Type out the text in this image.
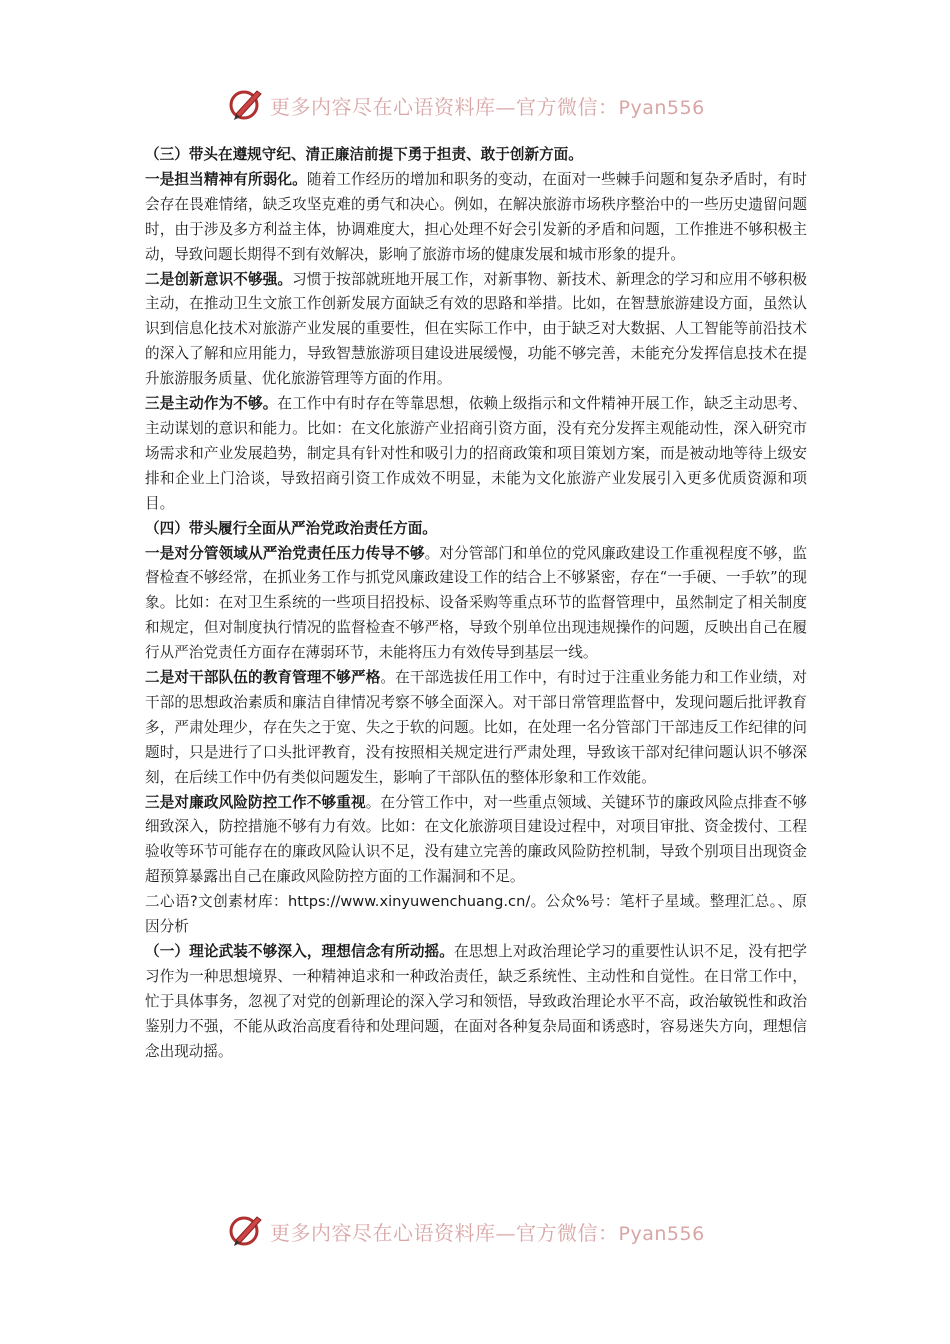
更多内容尽在心语资料库—官方微信：Pyan556

（三）带头在遵规守纪、清正廉洁前提下勇于担责、敢于创新方面。

一是担当精神有所弱化。随着工作经历的增加和职务的变动，在面对一些棘手问题和复杂矛盾时，有时会存在畏难情绪，缺乏攻坚克难的勇气和决心。例如，在解决旅游市场秩序整治中的一些历史遗留问题时，由于涉及多方利益主体，协调难度大，担心处理不好会引发新的矛盾和问题，工作推进不够积极主动，导致问题长期得不到有效解决，影响了旅游市场的健康发展和城市形象的提升。

二是创新意识不够强。习惯于按部就班地开展工作，对新事物、新技术、新理念的学习和应用不够积极主动，在推动卫生文旅工作创新发展方面缺乏有效的思路和举措。比如，在智慧旅游建设方面，虽然认识到信息化技术对旅游产业发展的重要性，但在实际工作中，由于缺乏对大数据、人工智能等前沿技术的深入了解和应用能力，导致智慧旅游项目建设进展缓慢，功能不够完善，未能充分发挥信息技术在提升旅游服务质量、优化旅游管理等方面的作用。

三是主动作为不够。在工作中有时存在等靠思想，依赖上级指示和文件精神开展工作，缺乏主动思考、主动谋划的意识和能力。比如：在文化旅游产业招商引资方面，没有充分发挥主观能动性，深入研究市场需求和产业发展趋势，制定具有针对性和吸引力的招商政策和项目策划方案，而是被动地等待上级安排和企业上门洽谈，导致招商引资工作成效不明显，未能为文化旅游产业发展引入更多优质资源和项目。

（四）带头履行全面从严治党政治责任方面。

一是对分管领域从严治党责任压力传导不够。对分管部门和单位的党风廉政建设工作重视程度不够，监督检查不够经常，在抓业务工作与抓党风廉政建设工作的结合上不够紧密，存在“一手硬、一手软”的现象。比如：在对卫生系统的一些项目招投标、设备采购等重点环节的监督管理中，虽然制定了相关制度和规定，但对制度执行情况的监督检查不够严格，导致个别单位出现违规操作的问题，反映出自己在履行从严治党责任方面存在薄弱环节，未能将压力有效传导到基层一线。

二是对干部队伍的教育管理不够严格。在干部选拔任用工作中，有时过于注重业务能力和工作业绩，对干部的思想政治素质和廉洁自律情况考察不够全面深入。对干部日常管理监督中，发现问题后批评教育多，严肃处理少，存在失之于宽、失之于软的问题。比如，在处理一名分管部门干部违反工作纪律的问题时，只是进行了口头批评教育，没有按照相关规定进行严肃处理，导致该干部对纪律问题认识不够深刻，在后续工作中仍有类似问题发生，影响了干部队伍的整体形象和工作效能。

三是对廉政风险防控工作不够重视。在分管工作中，对一些重点领域、关键环节的廉政风险点排查不够细致深入，防控措施不够有力有效。比如：在文化旅游项目建设过程中，对项目审批、资金拨付、工程验收等环节可能存在的廉政风险认识不足，没有建立完善的廉政风险防控机制，导致个别项目出现资金超预算暴露出自己在廉政风险防控方面的工作漏洞和不足。

二心语?文创素材库：https://www.xinyuwenchuang.cn/。公众%号：笔杆子星域。整理汇总。、原因分析

（一）理论武装不够深入，理想信念有所动摇。在思想上对政治理论学习的重要性认识不足，没有把学习作为一种思想境界、一种精神追求和一种政治责任，缺乏系统性、主动性和自觉性。在日常工作中，忙于具体事务，忽视了对党的创新理论的深入学习和领悟，导致政治理论水平不高，政治敏锐性和政治鉴别力不强，不能从政治高度看待和处理问题，在面对各种复杂局面和诱惑时，容易迷失方向，理想信念出现动摇。

更多内容尽在心语资料库—官方微信：Pyan556
